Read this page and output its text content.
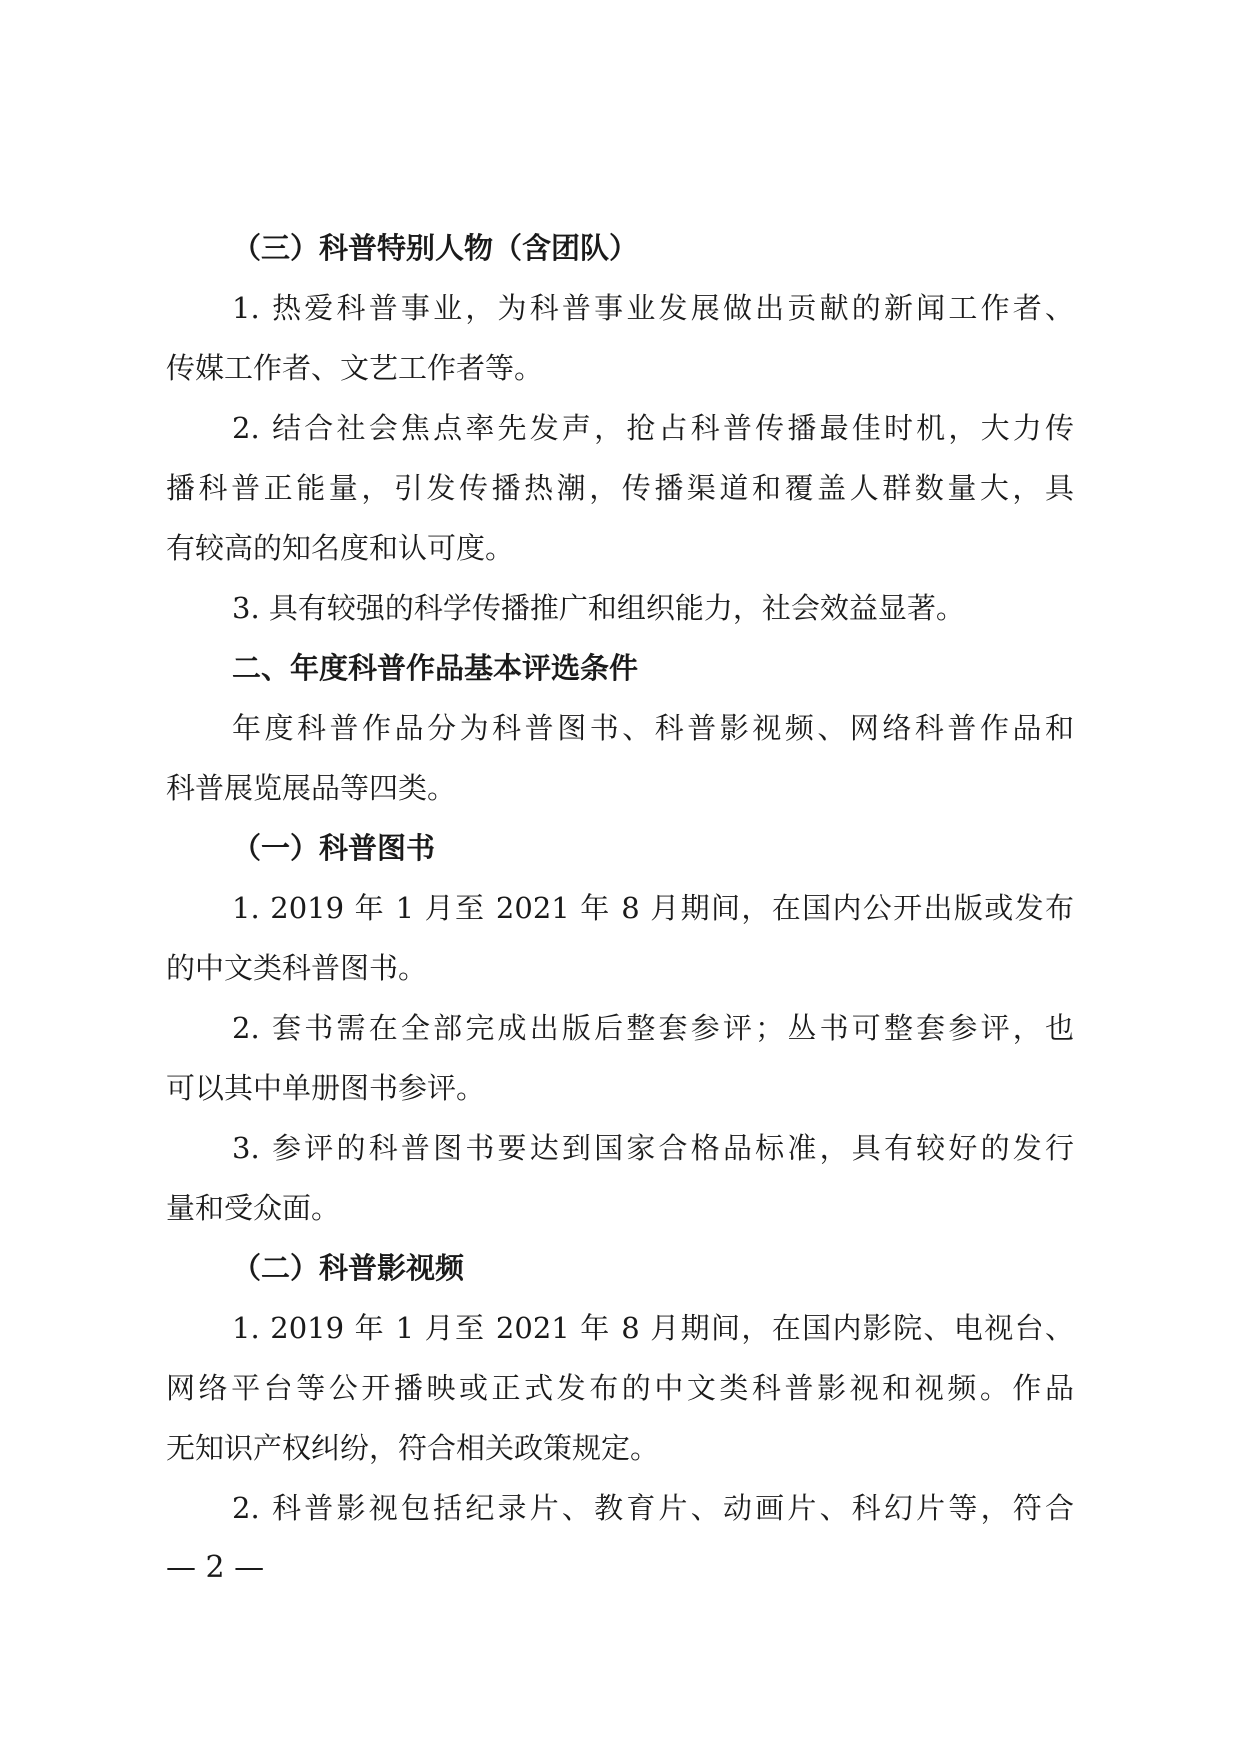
（三）科普特别人物（含团队）
1. 热爱科普事业，为科普事业发展做出贡献的新闻工作者、
传媒工作者、文艺工作者等。
2. 结合社会焦点率先发声，抢占科普传播最佳时机，大力传
播科普正能量，引发传播热潮，传播渠道和覆盖人群数量大，具
有较高的知名度和认可度。
3. 具有较强的科学传播推广和组织能力，社会效益显著。
二、年度科普作品基本评选条件
年度科普作品分为科普图书、科普影视频、网络科普作品和
科普展览展品等四类。
（一）科普图书
1. 2019 年 1 月至 2021 年 8 月期间，在国内公开出版或发布
的中文类科普图书。
2. 套书需在全部完成出版后整套参评；丛书可整套参评，也
可以其中单册图书参评。
3. 参评的科普图书要达到国家合格品标准，具有较好的发行
量和受众面。
（二）科普影视频
1. 2019 年 1 月至 2021 年 8 月期间，在国内影院、电视台、
网络平台等公开播映或正式发布的中文类科普影视和视频。作品
无知识产权纠纷，符合相关政策规定。
2. 科普影视包括纪录片、教育片、动画片、科幻片等，符合
— 2 —
